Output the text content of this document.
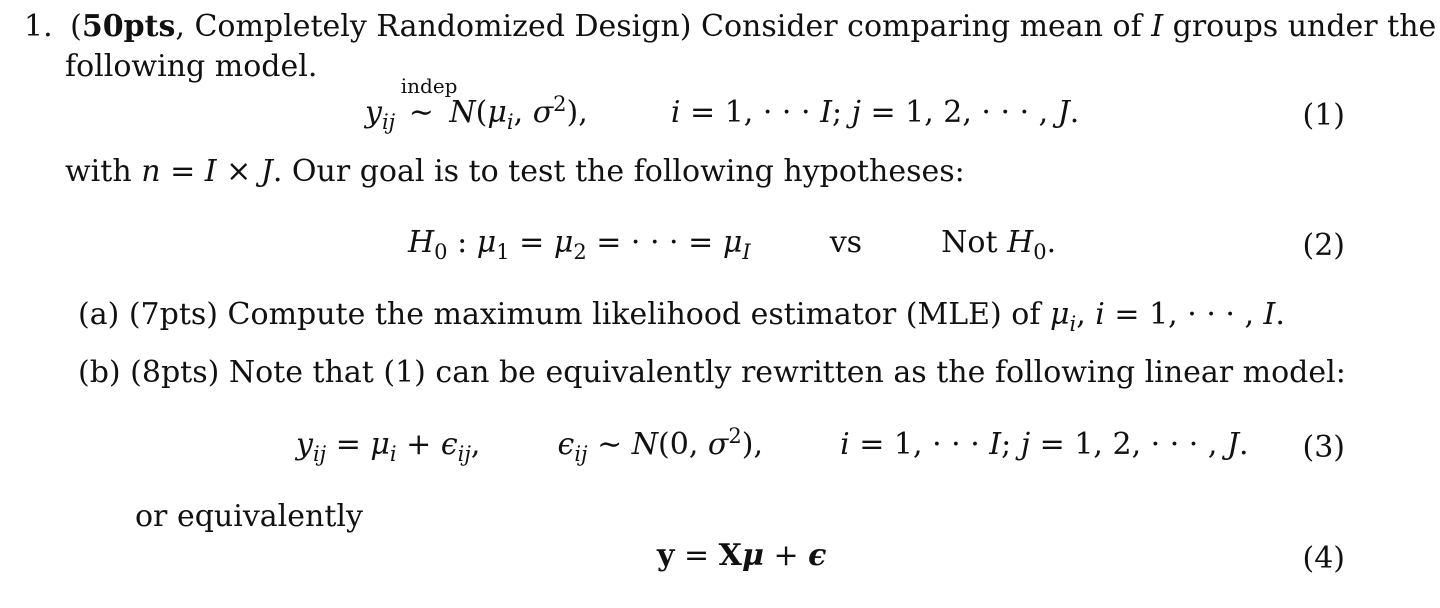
1. (50pts, Completely Randomized Design) Consider comparing mean of I groups under the
following model.
$y_{ij}$
indep
∼ $N(\mu_i$, $\sigma^2$),  i = 1, · · · I; j = 1, 2, · · · , J.	(1)
with n = I × J. Our goal is to test the following hypotheses:
$H_0$ : $\mu_1 = \mu_2$ = · · · = $\mu_I$	vs	Not $H_0$.	(2)
(a) (7pts) Compute the maximum likelihood estimator (MLE) of $\mu_i$, i = 1, · · · , I.
(b) (8pts) Note that (1) can be equivalently rewritten as the following linear model:
$y_{ij} = \mu_i + \epsilon_{ij}$,  $\epsilon_{ij}$ ∼ N(0, $\sigma^2$),  i = 1, · · · I; j = 1, 2, · · · , J. (3)
or equivalently
y = Xμ + ϵ	(4)
